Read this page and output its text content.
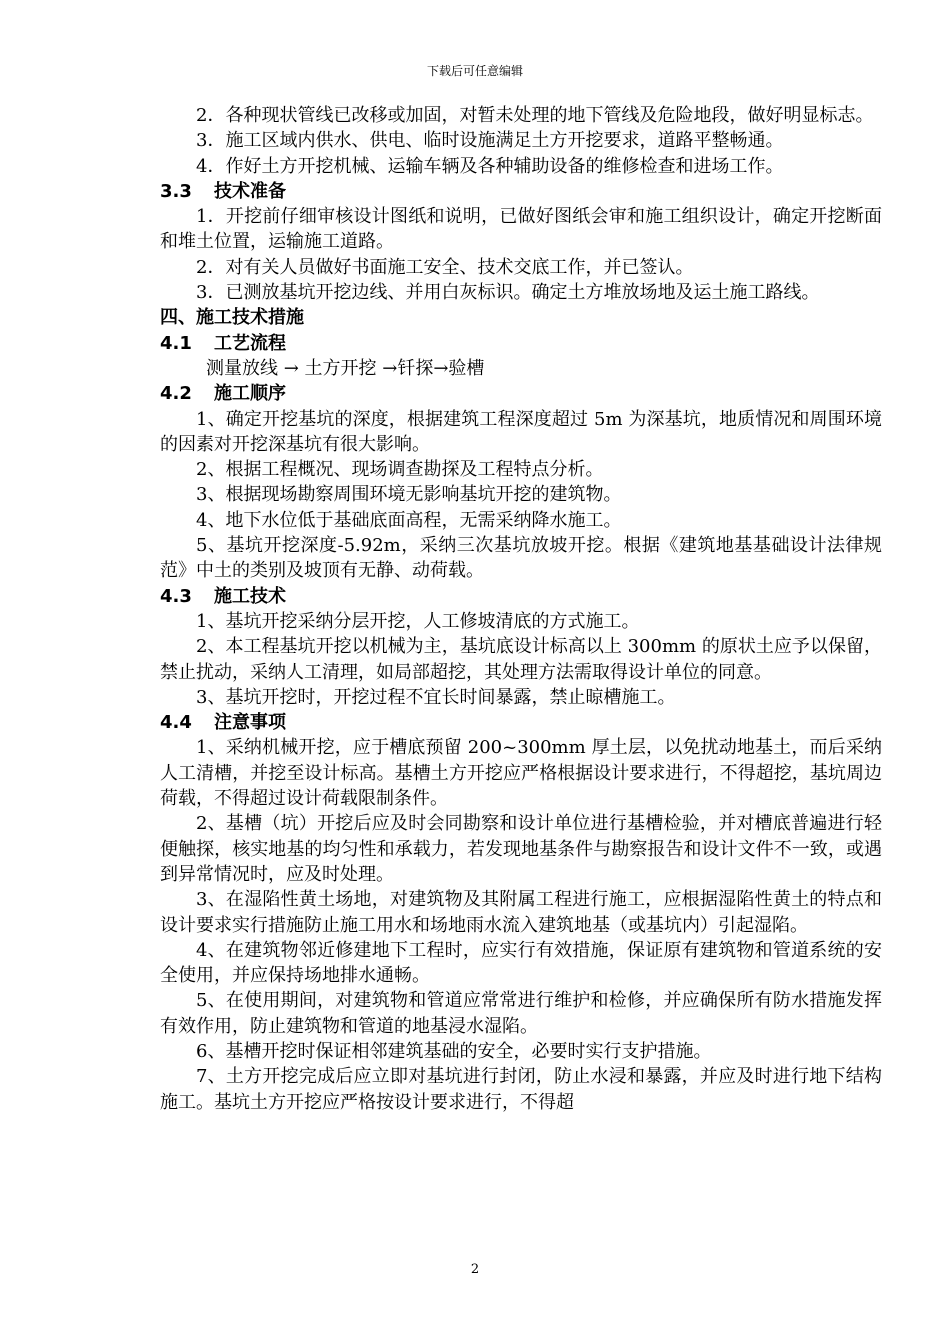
下载后可任意编辑

2．各种现状管线已改移或加固，对暂未处理的地下管线及危险地段，做好明显标志。

3．施工区域内供水、供电、临时设施满足土方开挖要求，道路平整畅通。

4．作好土方开挖机械、运输车辆及各种辅助设备的维修检查和进场工作。

3.3 技术准备

1．开挖前仔细审核设计图纸和说明，已做好图纸会审和施工组织设计，确定开挖断面和堆土位置，运输施工道路。

2．对有关人员做好书面施工安全、技术交底工作，并已签认。

3．已测放基坑开挖边线、并用白灰标识。确定土方堆放场地及运土施工路线。

四、施工技术措施

4.1 工艺流程

测量放线 → 土方开挖 →钎探→验槽

4.2 施工顺序

1、确定开挖基坑的深度，根据建筑工程深度超过 5m 为深基坑，地质情况和周围环境的因素对开挖深基坑有很大影响。

2、根据工程概况、现场调查勘探及工程特点分析。

3、根据现场勘察周围环境无影响基坑开挖的建筑物。

4、地下水位低于基础底面高程，无需采纳降水施工。

5、基坑开挖深度-5.92m，采纳三次基坑放坡开挖。根据《建筑地基基础设计法律规范》中土的类别及坡顶有无静、动荷载。

4.3 施工技术

1、基坑开挖采纳分层开挖，人工修坡清底的方式施工。

2、本工程基坑开挖以机械为主，基坑底设计标高以上 300mm 的原状土应予以保留，禁止扰动，采纳人工清理，如局部超挖，其处理方法需取得设计单位的同意。

3、基坑开挖时，开挖过程不宜长时间暴露，禁止晾槽施工。

4.4 注意事项

1、采纳机械开挖，应于槽底预留 200~300mm 厚土层，以免扰动地基土，而后采纳人工清槽，并挖至设计标高。基槽土方开挖应严格根据设计要求进行，不得超挖，基坑周边荷载，不得超过设计荷载限制条件。

2、基槽（坑）开挖后应及时会同勘察和设计单位进行基槽检验，并对槽底普遍进行轻便触探，核实地基的均匀性和承载力，若发现地基条件与勘察报告和设计文件不一致，或遇到异常情况时，应及时处理。

3、在湿陷性黄土场地，对建筑物及其附属工程进行施工，应根据湿陷性黄土的特点和设计要求实行措施防止施工用水和场地雨水流入建筑地基（或基坑内）引起湿陷。

4、在建筑物邻近修建地下工程时，应实行有效措施，保证原有建筑物和管道系统的安全使用，并应保持场地排水通畅。

5、在使用期间，对建筑物和管道应常常进行维护和检修，并应确保所有防水措施发挥有效作用，防止建筑物和管道的地基浸水湿陷。

6、基槽开挖时保证相邻建筑基础的安全，必要时实行支护措施。

7、土方开挖完成后应立即对基坑进行封闭，防止水浸和暴露，并应及时进行地下结构施工。基坑土方开挖应严格按设计要求进行，不得超

2
